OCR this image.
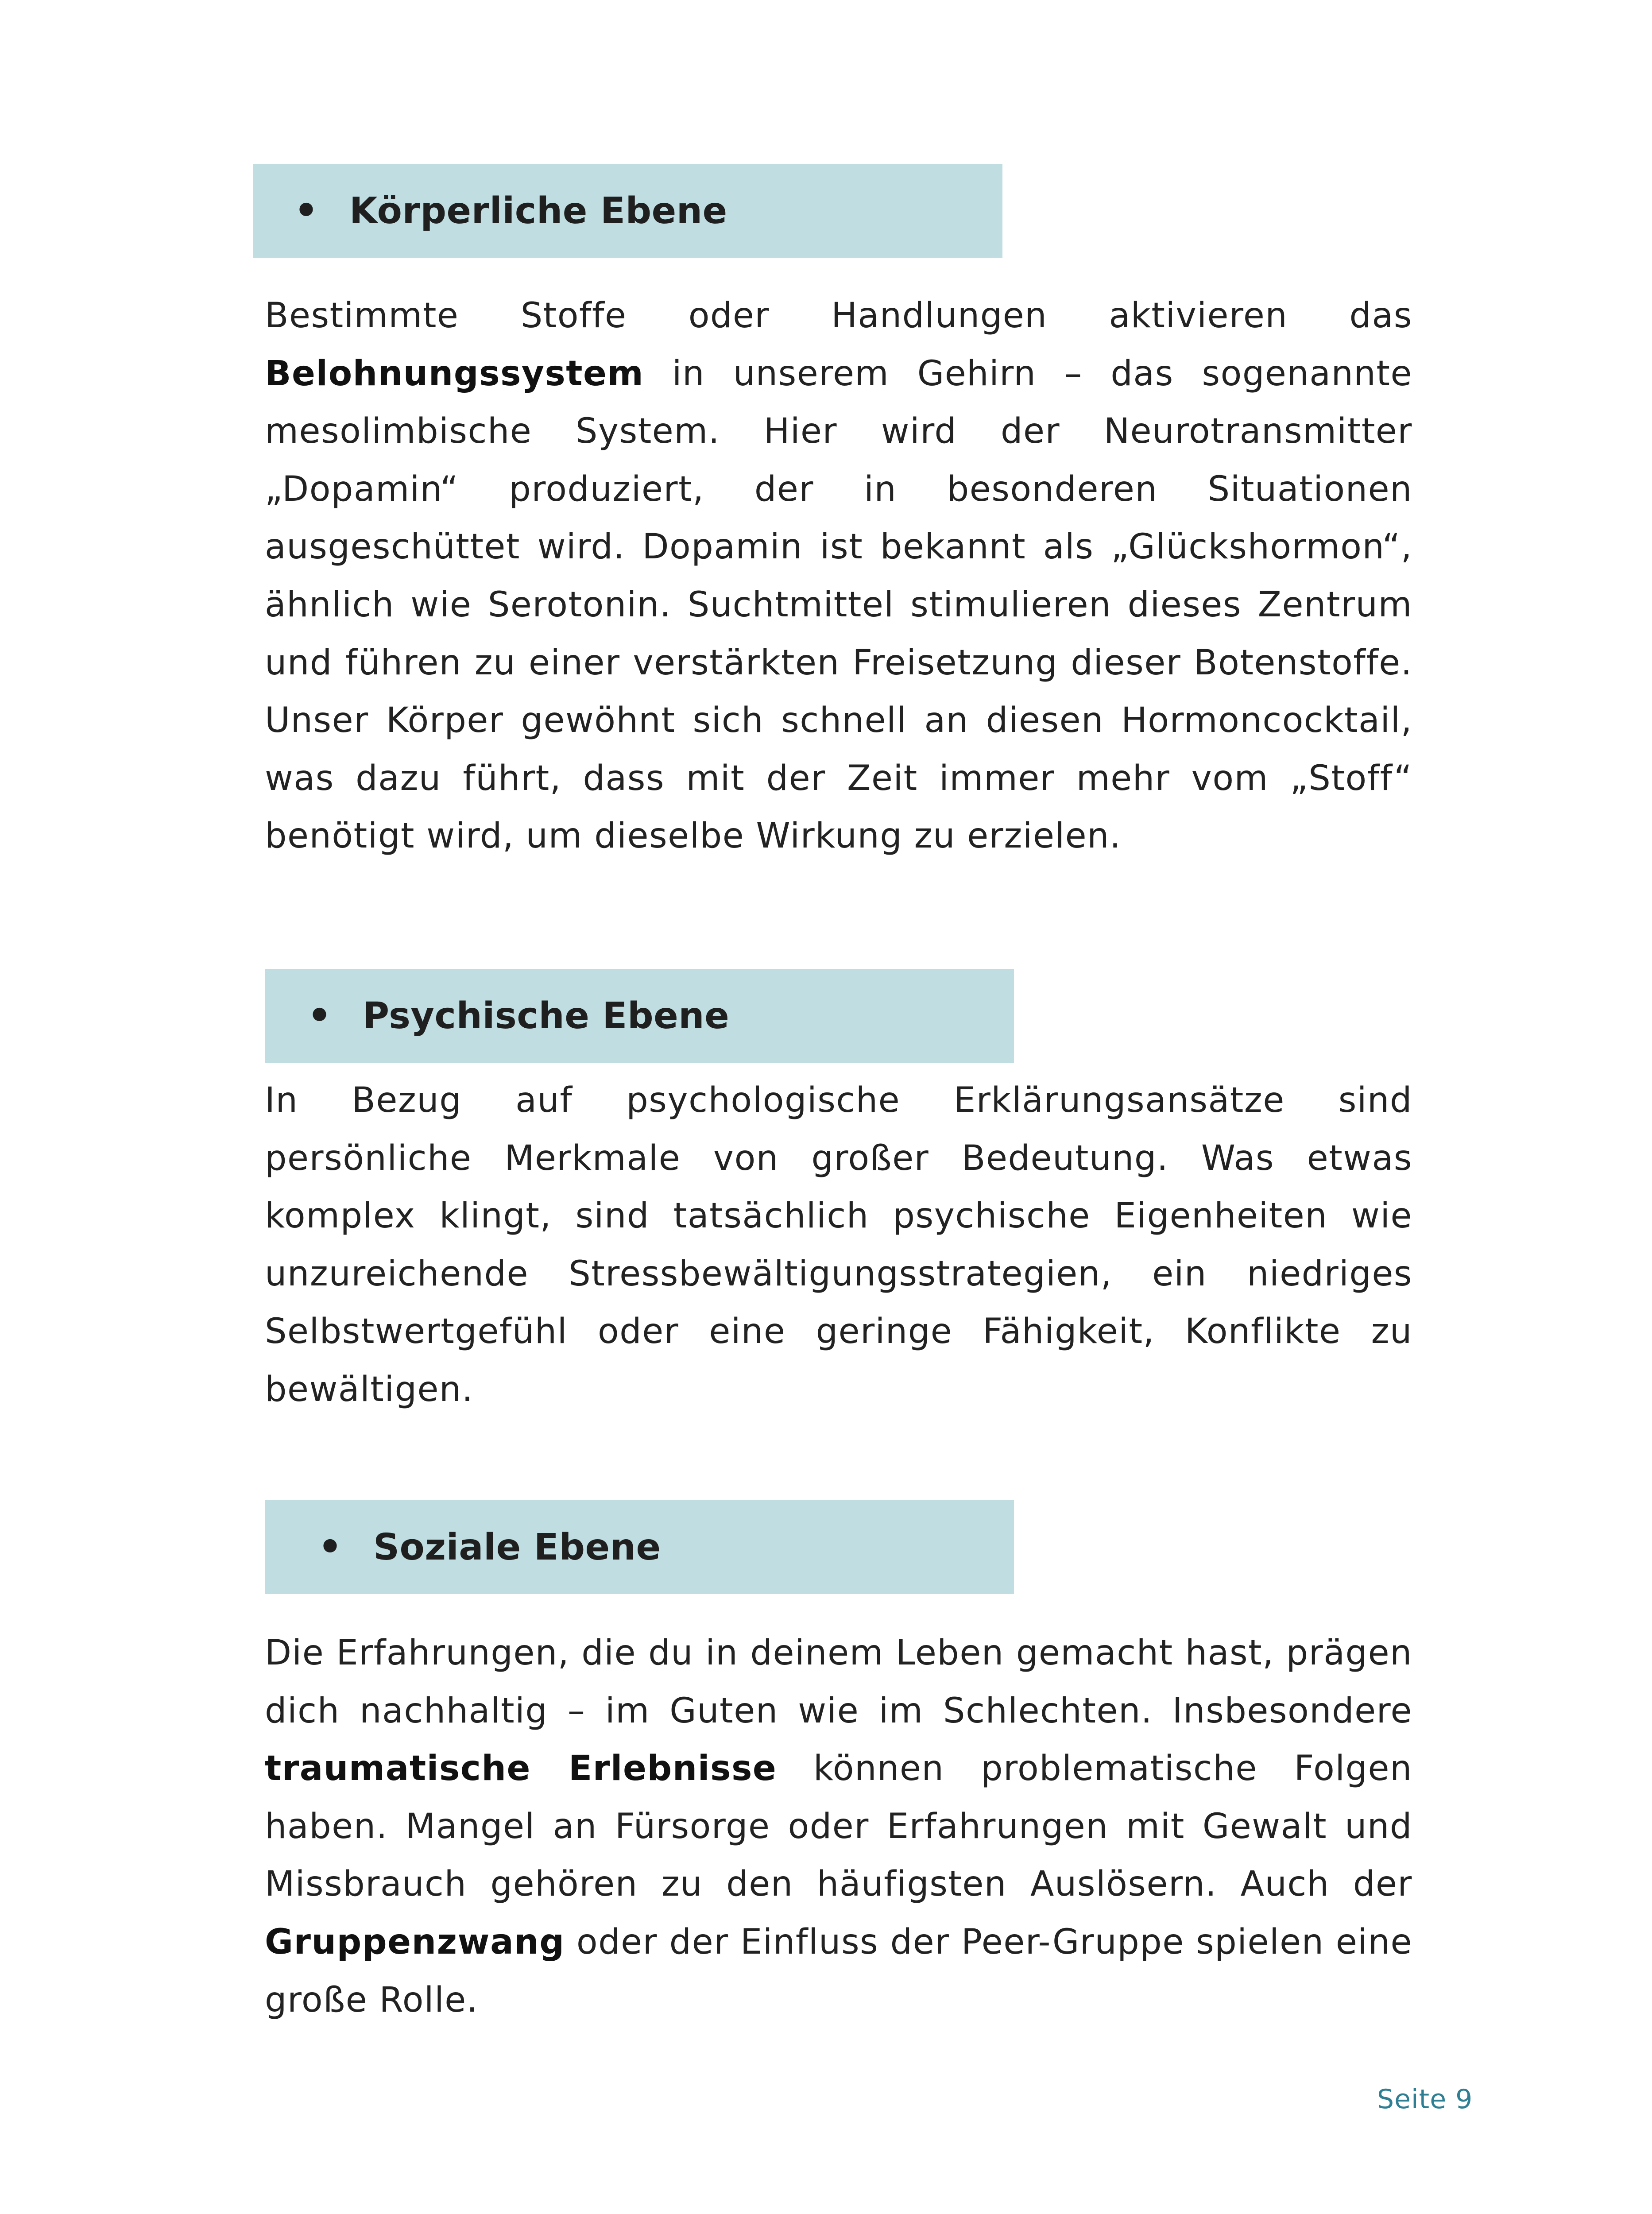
• Körperliche Ebene

Bestimmte Stoffe oder Handlungen aktivieren das Belohnungssystem in unserem Gehirn – das sogenannte mesolimbische System. Hier wird der Neurotransmitter „Dopamin“ produziert, der in besonderen Situationen ausgeschüttet wird. Dopamin ist bekannt als „Glückshormon“, ähnlich wie Serotonin. Suchtmittel stimulieren dieses Zentrum und führen zu einer verstärkten Freisetzung dieser Botenstoffe. Unser Körper gewöhnt sich schnell an diesen Hormoncocktail, was dazu führt, dass mit der Zeit immer mehr vom „Stoff“ benötigt wird, um dieselbe Wirkung zu erzielen.

• Psychische Ebene

In Bezug auf psychologische Erklärungsansätze sind persönliche Merkmale von großer Bedeutung. Was etwas komplex klingt, sind tatsächlich psychische Eigenheiten wie unzureichende Stressbewältigungsstrategien, ein niedriges Selbstwertgefühl oder eine geringe Fähigkeit, Konflikte zu bewältigen.

• Soziale Ebene

Die Erfahrungen, die du in deinem Leben gemacht hast, prägen dich nachhaltig – im Guten wie im Schlechten. Insbesondere traumatische Erlebnisse können problematische Folgen haben. Mangel an Fürsorge oder Erfahrungen mit Gewalt und Missbrauch gehören zu den häufigsten Auslösern. Auch der Gruppenzwang oder der Einfluss der Peer-Gruppe spielen eine große Rolle.

Seite 9
